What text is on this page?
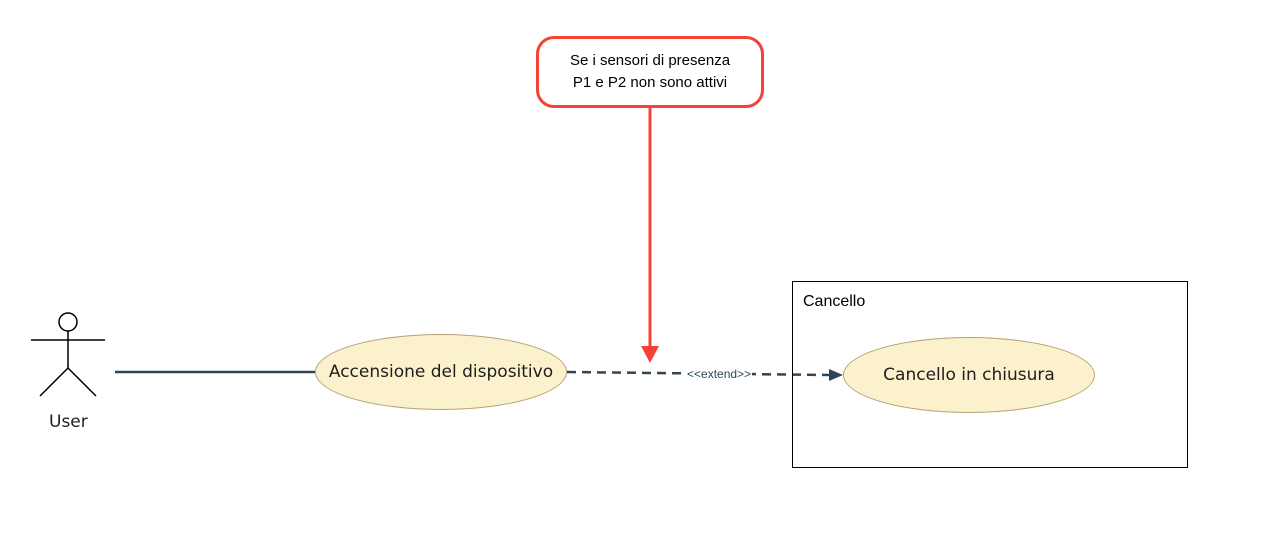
Se i sensori di presenza
P1 e P2 non sono attivi
Cancello
Accensione del dispositivo	Cancello in chiusura
<<extend>>
User
